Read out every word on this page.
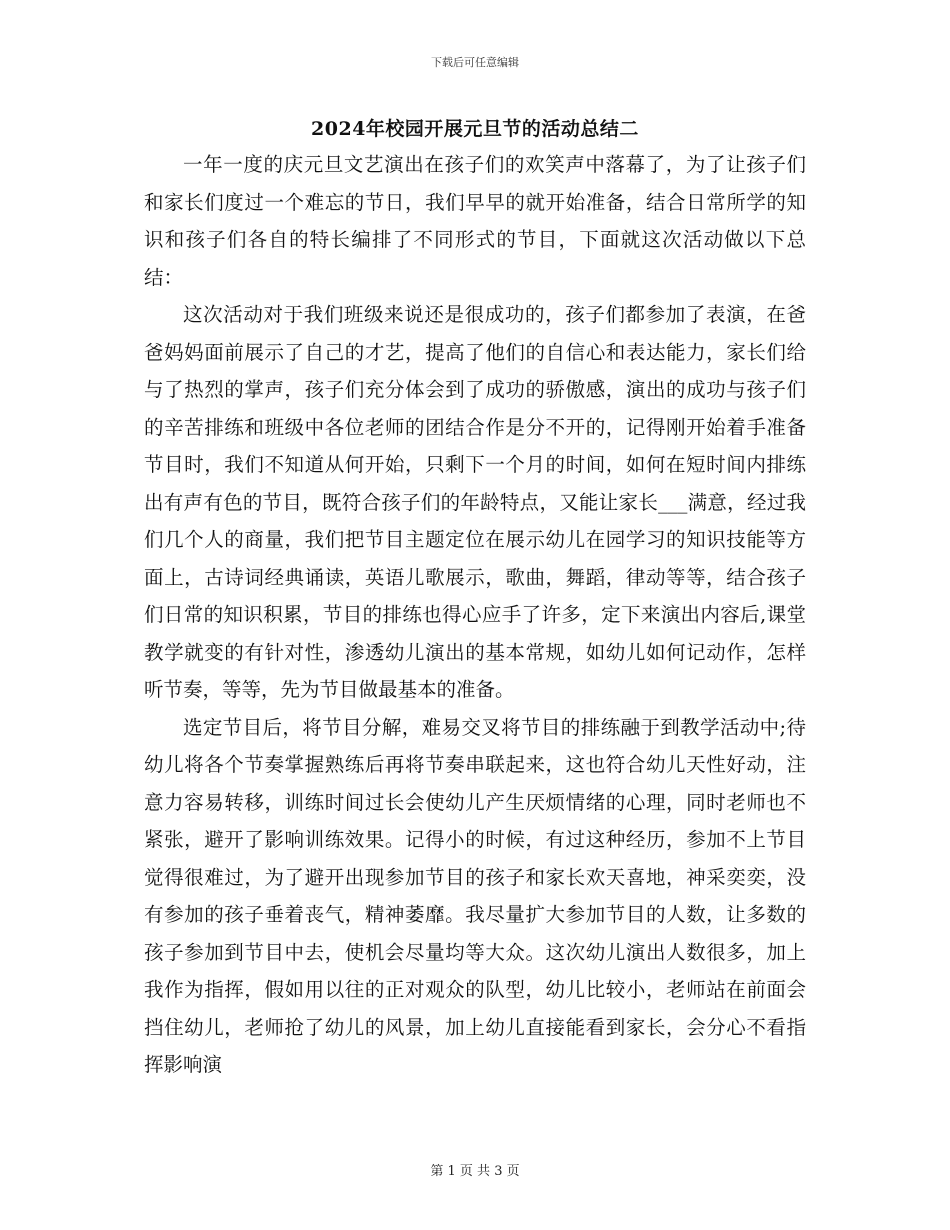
下载后可任意编辑
2024年校园开展元旦节的活动总结二

一年一度的庆元旦文艺演出在孩子们的欢笑声中落幕了，为了让孩子们和家长们度过一个难忘的节日，我们早早的就开始准备，结合日常所学的知识和孩子们各自的特长编排了不同形式的节目，下面就这次活动做以下总结：

这次活动对于我们班级来说还是很成功的，孩子们都参加了表演，在爸爸妈妈面前展示了自己的才艺，提高了他们的自信心和表达能力，家长们给与了热烈的掌声，孩子们充分体会到了成功的骄傲感，演出的成功与孩子们的辛苦排练和班级中各位老师的团结合作是分不开的，记得刚开始着手准备节目时，我们不知道从何开始，只剩下一个月的时间，如何在短时间内排练出有声有色的节目，既符合孩子们的年龄特点，又能让家长___满意，经过我们几个人的商量，我们把节目主题定位在展示幼儿在园学习的知识技能等方面上，古诗词经典诵读，英语儿歌展示，歌曲，舞蹈，律动等等，结合孩子们日常的知识积累，节目的排练也得心应手了许多，定下来演出内容后,课堂教学就变的有针对性，渗透幼儿演出的基本常规，如幼儿如何记动作，怎样听节奏，等等，先为节目做最基本的准备。

选定节目后，将节目分解，难易交叉将节目的排练融于到教学活动中;待幼儿将各个节奏掌握熟练后再将节奏串联起来，这也符合幼儿天性好动，注意力容易转移，训练时间过长会使幼儿产生厌烦情绪的心理，同时老师也不紧张，避开了影响训练效果。记得小的时候，有过这种经历，参加不上节目觉得很难过，为了避开出现参加节目的孩子和家长欢天喜地，神采奕奕，没有参加的孩子垂着丧气，精神萎靡。我尽量扩大参加节目的人数，让多数的孩子参加到节目中去，使机会尽量均等大众。这次幼儿演出人数很多，加上我作为指挥，假如用以往的正对观众的队型，幼儿比较小，老师站在前面会挡住幼儿，老师抢了幼儿的风景，加上幼儿直接能看到家长，会分心不看指挥影响演

第 1 页 共 3 页
